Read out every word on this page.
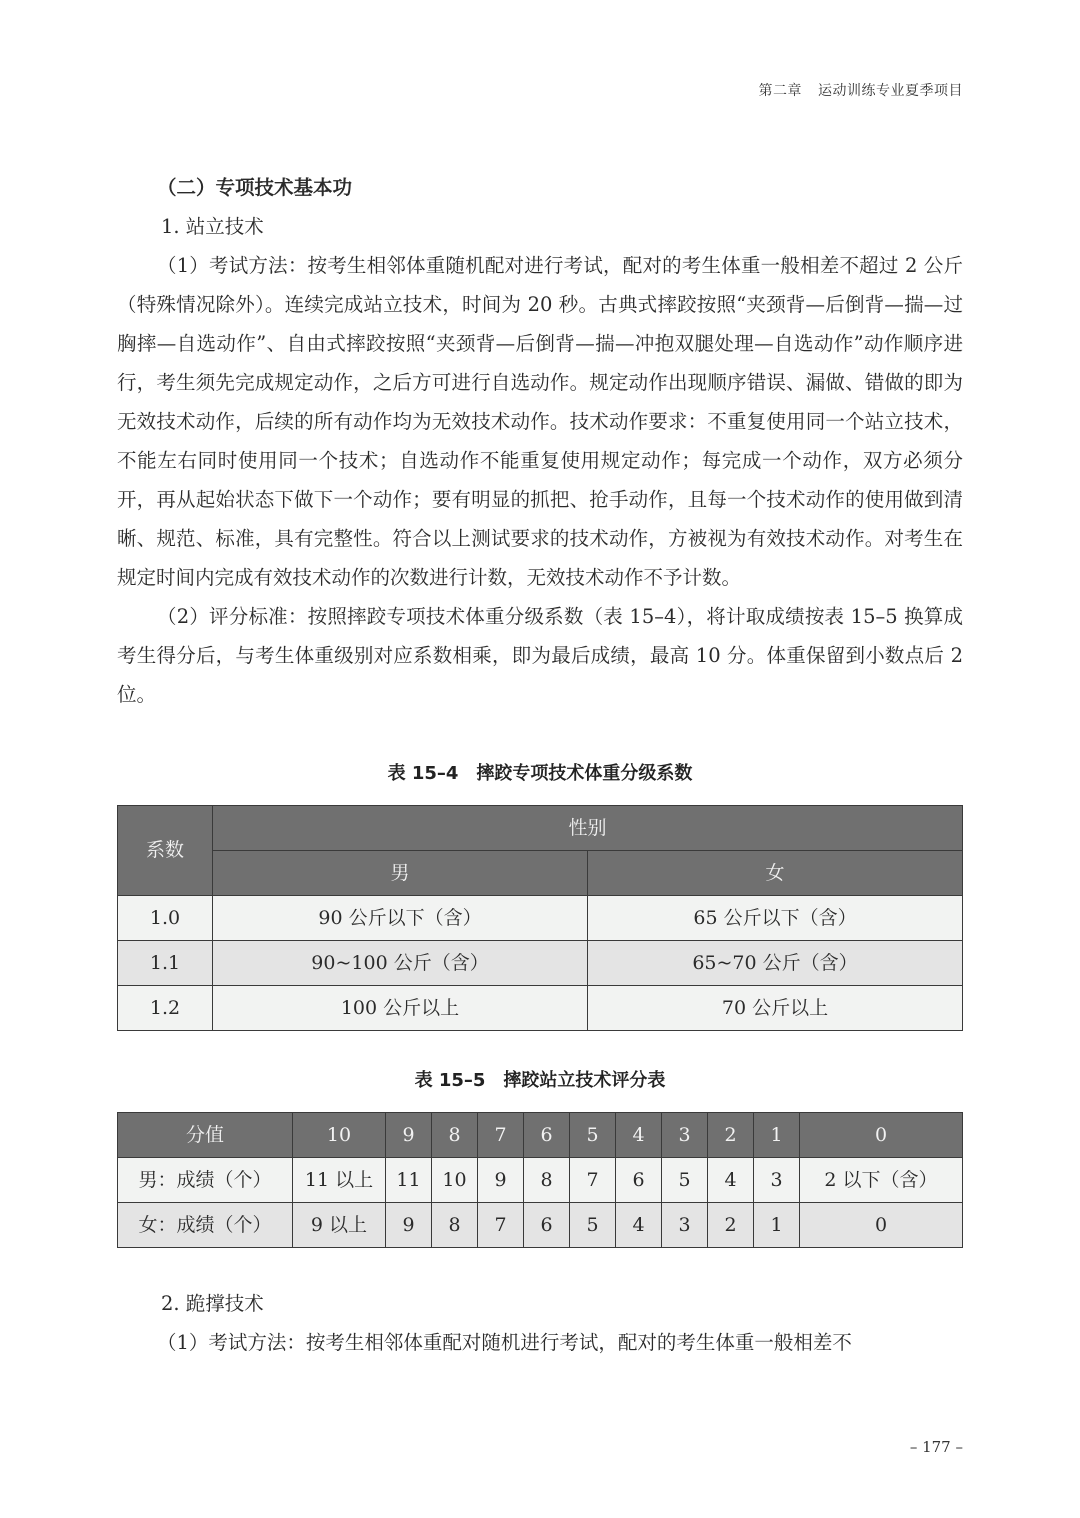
第二章 运动训练专业夏季项目

（二）专项技术基本功

1. 站立技术

（1）考试方法：按考生相邻体重随机配对进行考试，配对的考生体重一般相差不超过 2 公斤（特殊情况除外）。连续完成站立技术，时间为 20 秒。古典式摔跤按照“夹颈背—后倒背—揣—过胸摔—自选动作”、自由式摔跤按照“夹颈背—后倒背—揣—冲抱双腿处理—自选动作”动作顺序进行，考生须先完成规定动作，之后方可进行自选动作。规定动作出现顺序错误、漏做、错做的即为无效技术动作，后续的所有动作均为无效技术动作。技术动作要求：不重复使用同一个站立技术，不能左右同时使用同一个技术；自选动作不能重复使用规定动作；每完成一个动作，双方必须分开，再从起始状态下做下一个动作；要有明显的抓把、抢手动作，且每一个技术动作的使用做到清晰、规范、标准，具有完整性。符合以上测试要求的技术动作，方被视为有效技术动作。对考生在规定时间内完成有效技术动作的次数进行计数，无效技术动作不予计数。

（2）评分标准：按照摔跤专项技术体重分级系数（表 15–4），将计取成绩按表 15–5 换算成考生得分后，与考生体重级别对应系数相乘，即为最后成绩，最高 10 分。体重保留到小数点后 2 位。

表 15–4　摔跤专项技术体重分级系数

系数	性别	
	男	女
1.0	90 公斤以下（含）	65 公斤以下（含）
1.1	90~100 公斤（含）	65~70 公斤（含）
1.2	100 公斤以上	70 公斤以上

表 15–5　摔跤站立技术评分表

分值	10	9	8	7	6	5	4	3	2	1	0
男：成绩（个）	11 以上	11	10	9	8	7	6	5	4	3	2 以下（含）
女：成绩（个）	9 以上	9	8	7	6	5	4	3	2	1	0

2. 跪撑技术

（1）考试方法：按考生相邻体重配对随机进行考试，配对的考生体重一般相差不

– 177 –
